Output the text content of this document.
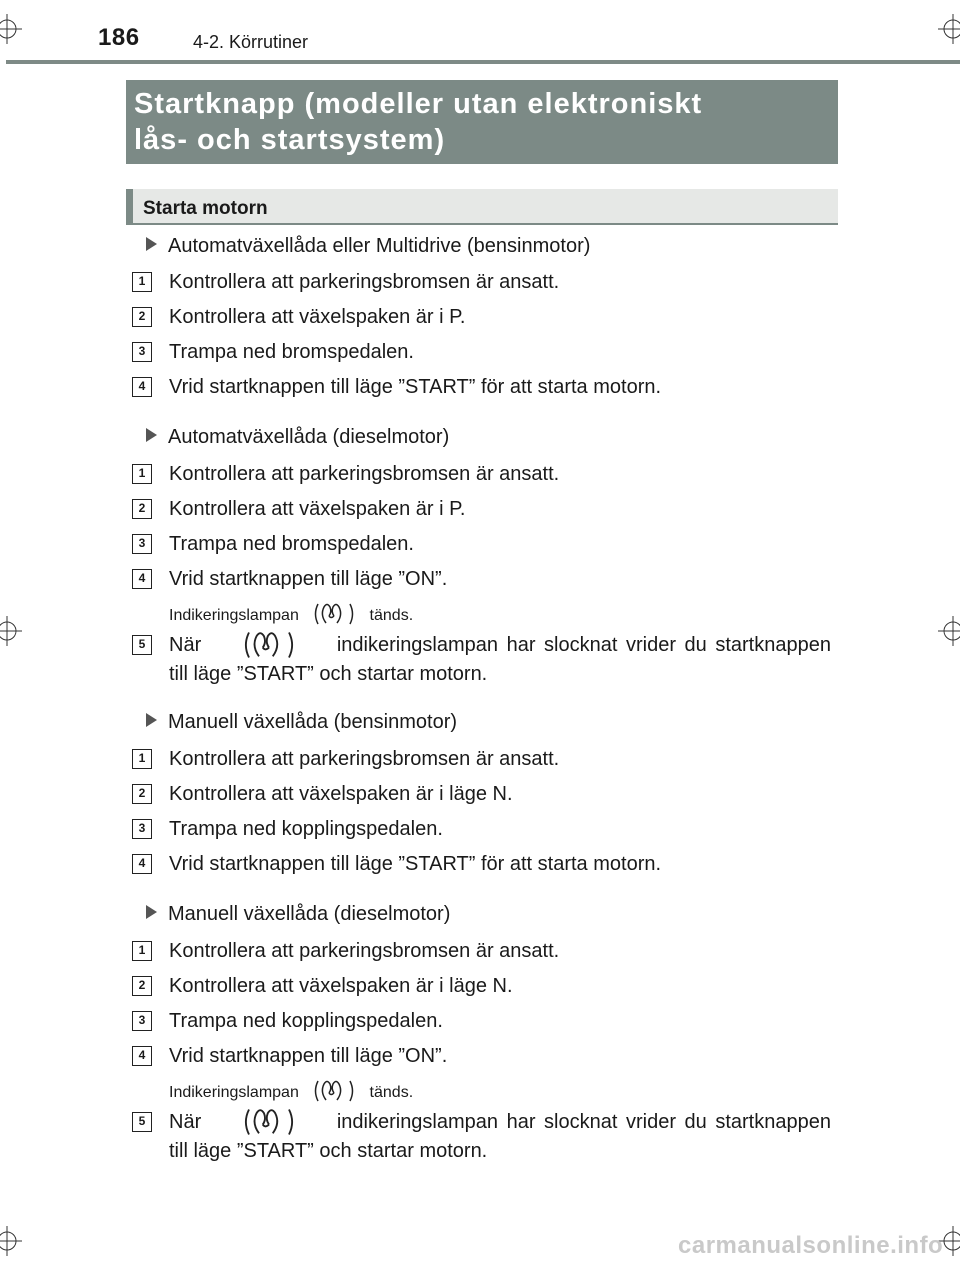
186	4-2. Körrutiner
Startknapp (modeller utan elektroniskt
lås- och startsystem)
Starta motorn
Automatväxellåda eller Multidrive (bensinmotor)
1	Kontrollera att parkeringsbromsen är ansatt.
2	Kontrollera att växelspaken är i P.
3	Trampa ned bromspedalen.
4	Vrid startknappen till läge ”START” för att starta motorn.
Automatväxellåda (dieselmotor)
1	Kontrollera att parkeringsbromsen är ansatt.
2	Kontrollera att växelspaken är i P.
3	Trampa ned bromspedalen.
4	Vrid startknappen till läge ”ON”.
Indikeringslampan	tänds.
5	När	indikeringslampan har slocknat vrider du startknappen
till läge ”START” och startar motorn.
Manuell växellåda (bensinmotor)
1	Kontrollera att parkeringsbromsen är ansatt.
2	Kontrollera att växelspaken är i läge N.
3	Trampa ned kopplingspedalen.
4	Vrid startknappen till läge ”START” för att starta motorn.
Manuell växellåda (dieselmotor)
1	Kontrollera att parkeringsbromsen är ansatt.
2	Kontrollera att växelspaken är i läge N.
3	Trampa ned kopplingspedalen.
4	Vrid startknappen till läge ”ON”.
Indikeringslampan	tänds.
5	När	indikeringslampan har slocknat vrider du startknappen
till läge ”START” och startar motorn.
carmanualsonline.info
